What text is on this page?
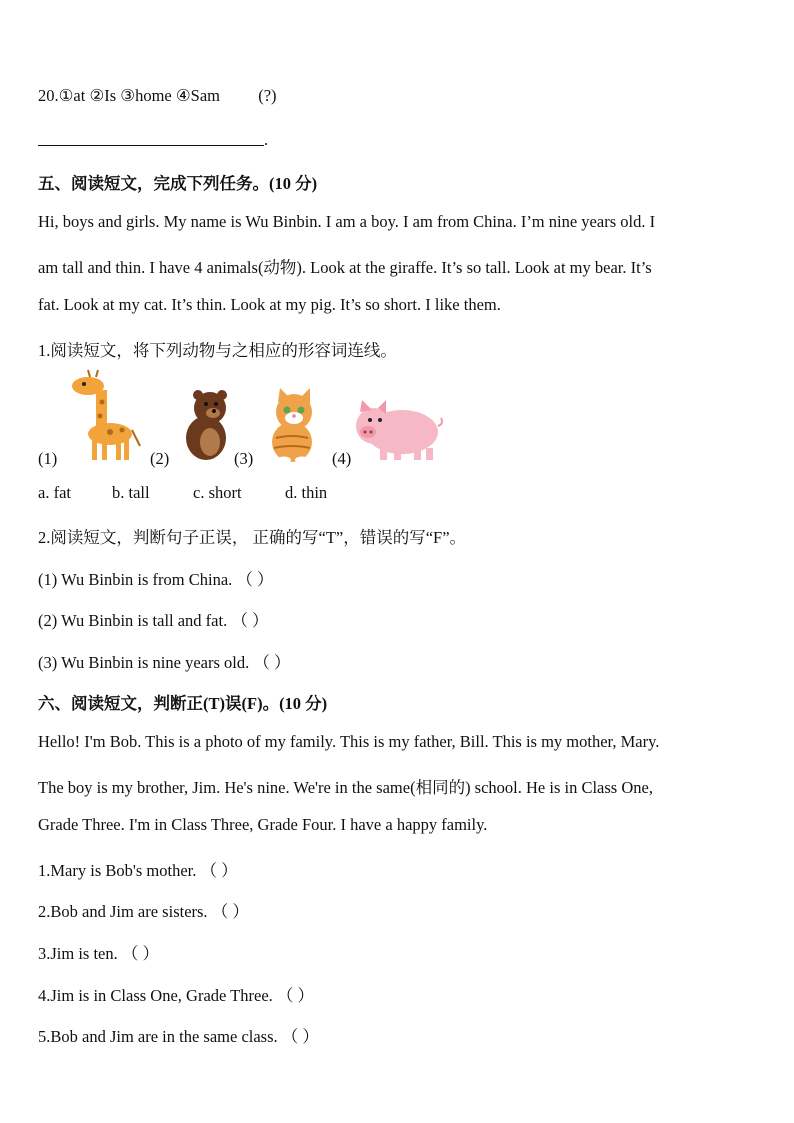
20.①at ②Is ③home ④Sam (?)
.
五、阅读短文，完成下列任务。(10 分)
Hi, boys and girls. My name is Wu Binbin. I am a boy. I am from China. I’m nine years old. I
am tall and thin. I have 4 animals(动物). Look at the giraffe. It’s so tall. Look at my bear. It’s
fat. Look at my cat. It’s thin. Look at my pig. It’s so short. I like them.
1.阅读短文，将下列动物与之相应的形容词连线。
(1)	(2)	(3)	(4)
a. fat b. tall	c. short	d. thin
2.阅读短文，判断句子正误， 正确的写“T”，错误的写“F”。
(1) Wu Binbin is from China. （ ）
(2) Wu Binbin is tall and fat. （ ）
(3) Wu Binbin is nine years old. （ ）
六、阅读短文，判断正(T)误(F)。(10 分)
Hello! I'm Bob. This is a photo of my family. This is my father, Bill. This is my mother, Mary.
The boy is my brother, Jim. He's nine. We're in the same(相同的) school. He is in Class One,
Grade Three. I'm in Class Three, Grade Four. I have a happy family.
1.Mary is Bob's mother. （ ）
2.Bob and Jim are sisters. （ ）
3.Jim is ten. （ ）
4.Jim is in Class One, Grade Three. （ ）
5.Bob and Jim are in the same class. （ ）
